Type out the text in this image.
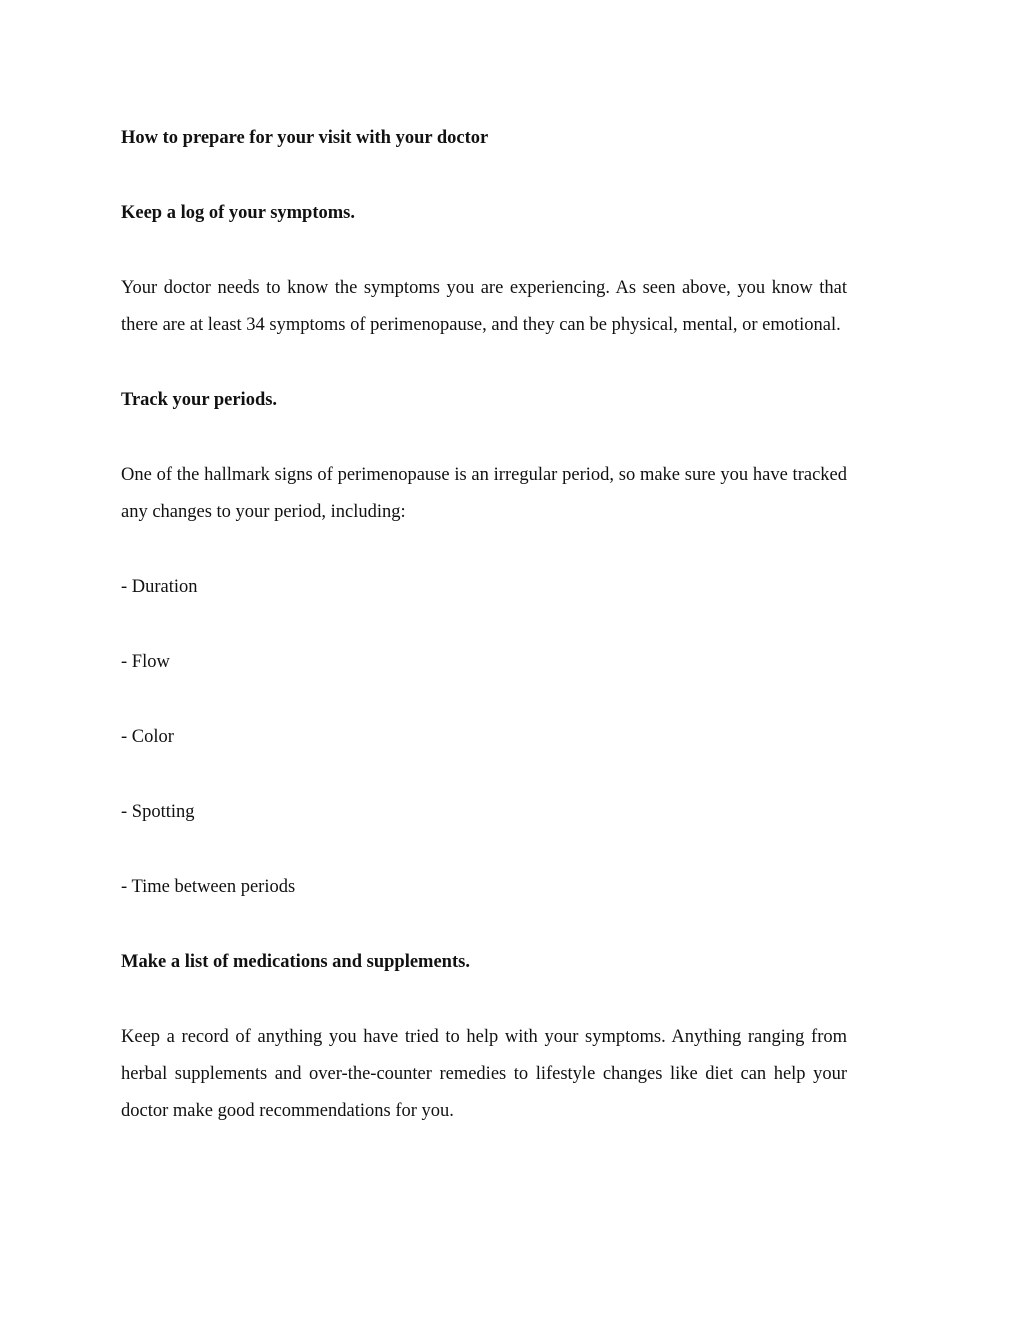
How to prepare for your visit with your doctor

Keep a log of your symptoms.

Your doctor needs to know the symptoms you are experiencing. As seen above, you know that there are at least 34 symptoms of perimenopause, and they can be physical, mental, or emotional.

Track your periods.

One of the hallmark signs of perimenopause is an irregular period, so make sure you have tracked any changes to your period, including:

- Duration

- Flow

- Color

- Spotting

- Time between periods

Make a list of medications and supplements.

Keep a record of anything you have tried to help with your symptoms. Anything ranging from herbal supplements and over-the-counter remedies to lifestyle changes like diet can help your doctor make good recommendations for you.
